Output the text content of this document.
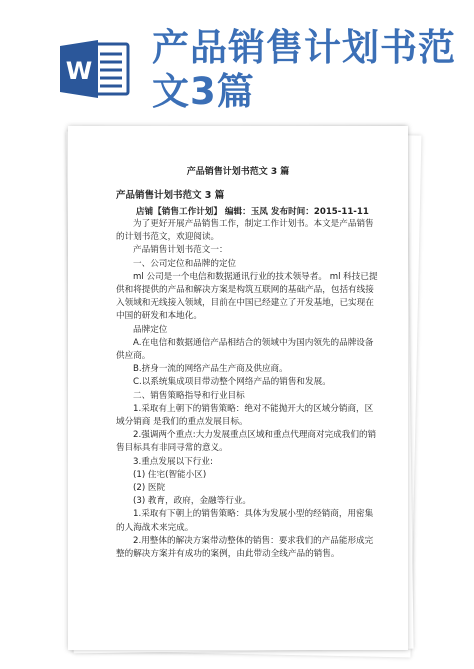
W
产品销售计划书范
文3篇
产品销售计划书范文 3 篇
产品销售计划书范文 3 篇
店铺【销售工作计划】 编辑：玉凤 发布时间：2015-11-11

为了更好开展产品销售工作，制定工作计划书。本文是产品销售的计划书范文，欢迎阅读。

产品销售计划书范文一：

一、公司定位和品牌的定位

ml 公司是一个电信和数据通讯行业的技术领导者。 ml 科技已提供和将提供的产品和解决方案是构筑互联网的基础产品，包括有线接入领域和无线接入领域，目前在中国已经建立了开发基地，已实现在中国的研发和本地化。

品牌定位

A.在电信和数据通信产品相结合的领域中为国内领先的品牌设备供应商。

B.挤身一流的网络产品生产商及供应商。

C.以系统集成项目带动整个网络产品的销售和发展。

二、销售策略指导和行业目标

1.采取有上朝下的销售策略：绝对不能抛开大的区域分销商，区域分销商 是我们的重点发展目标。

2.强调两个重点:大力发展重点区域和重点代理商对完成我们的销售目标具有非同寻常的意义。

3.重点发展以下行业:

(1) 住宅(智能小区)

(2) 医院

(3) 教育，政府，金融等行业。

1.采取有下朝上的销售策略：具体为发展小型的经销商，用密集的人海战术来完成。

2.用整体的解决方案带动整体的销售：要求我们的产品能形成完整的解决方案并有成功的案例，由此带动全线产品的销售。
